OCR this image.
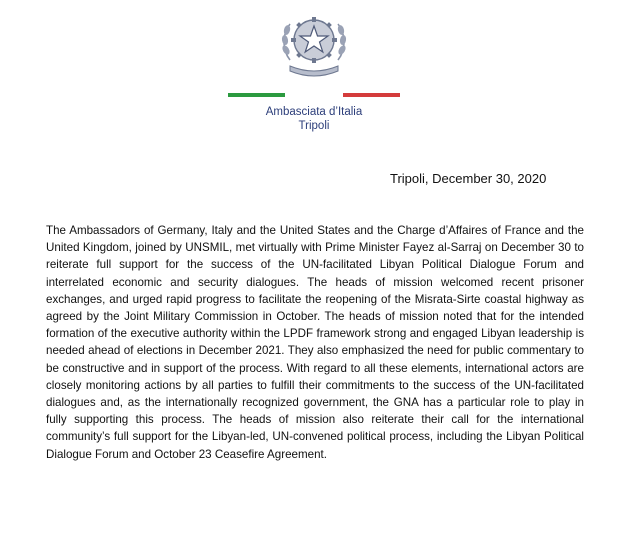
Ambasciata d’Italia
Tripoli
Tripoli, December 30, 2020

The Ambassadors of Germany, Italy and the United States and the Charge d’Affaires of France and the United Kingdom, joined by UNSMIL, met virtually with Prime Minister Fayez al-Sarraj on December 30 to reiterate full support for the success of the UN-facilitated Libyan Political Dialogue Forum and interrelated economic and security dialogues. The heads of mission welcomed recent prisoner exchanges, and urged rapid progress to facilitate the reopening of the Misrata-Sirte coastal highway as agreed by the Joint Military Commission in October. The heads of mission noted that for the intended formation of the executive authority within the LPDF framework strong and engaged Libyan leadership is needed ahead of elections in December 2021. They also emphasized the need for public commentary to be constructive and in support of the process. With regard to all these elements, international actors are closely monitoring actions by all parties to fulfill their commitments to the success of the UN-facilitated dialogues and, as the internationally recognized government, the GNA has a particular role to play in fully supporting this process. The heads of mission also reiterate their call for the international community’s full support for the Libyan-led, UN-convened political process, including the Libyan Political Dialogue Forum and October 23 Ceasefire Agreement.
